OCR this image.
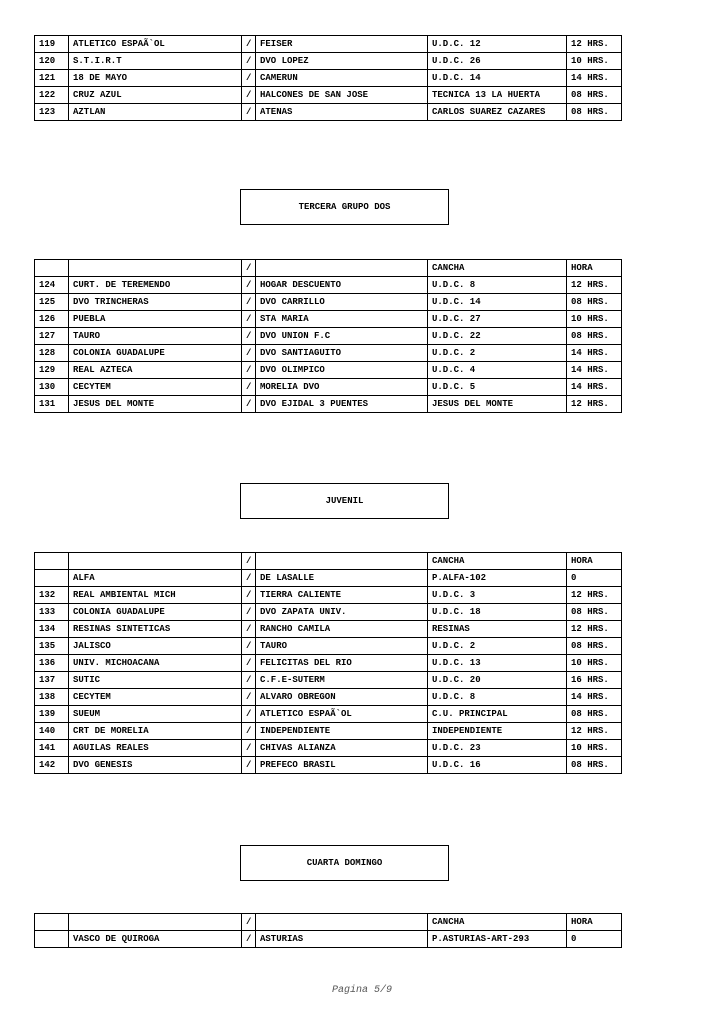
119	ATLETICO ESPAÃ`OL	/	FEISER	U.D.C. 12	12 HRS.
120	S.T.I.R.T	/	DVO LOPEZ	U.D.C. 26	10 HRS.
121	18 DE MAYO	/	CAMERUN	U.D.C. 14	14 HRS.
122	CRUZ AZUL	/	HALCONES DE SAN JOSE	TECNICA 13 LA HUERTA	08 HRS.
123	AZTLAN	/	ATENAS	CARLOS SUAREZ CAZARES	08 HRS.
TERCERA GRUPO DOS
		/		CANCHA	HORA
124	CURT. DE TEREMENDO	/	HOGAR DESCUENTO	U.D.C. 8	12 HRS.
125	DVO TRINCHERAS	/	DVO CARRILLO	U.D.C. 14	08 HRS.
126	PUEBLA	/	STA MARIA	U.D.C. 27	10 HRS.
127	TAURO	/	DVO UNION F.C	U.D.C. 22	08 HRS.
128	COLONIA GUADALUPE	/	DVO SANTIAGUITO	U.D.C. 2	14 HRS.
129	REAL AZTECA	/	DVO OLIMPICO	U.D.C. 4	14 HRS.
130	CECYTEM	/	MORELIA DVO	U.D.C. 5	14 HRS.
131	JESUS DEL MONTE	/	DVO EJIDAL 3 PUENTES	JESUS DEL MONTE	12 HRS.
JUVENIL
		/		CANCHA	HORA
	ALFA	/	DE LASALLE	P.ALFA-102	0
132	REAL AMBIENTAL MICH	/	TIERRA CALIENTE	U.D.C. 3	12 HRS.
133	COLONIA GUADALUPE	/	DVO ZAPATA UNIV.	U.D.C. 18	08 HRS.
134	RESINAS SINTETICAS	/	RANCHO CAMILA	RESINAS	12 HRS.
135	JALISCO	/	TAURO	U.D.C. 2	08 HRS.
136	UNIV. MICHOACANA	/	FELICITAS DEL RIO	U.D.C. 13	10 HRS.
137	SUTIC	/	C.F.E-SUTERM	U.D.C. 20	16 HRS.
138	CECYTEM	/	ALVARO OBREGON	U.D.C. 8	14 HRS.
139	SUEUM	/	ATLETICO ESPAÃ`OL	C.U. PRINCIPAL	08 HRS.
140	CRT DE MORELIA	/	INDEPENDIENTE	INDEPENDIENTE	12 HRS.
141	AGUILAS REALES	/	CHIVAS ALIANZA	U.D.C. 23	10 HRS.
142	DVO GENESIS	/	PREFECO BRASIL	U.D.C. 16	08 HRS.
CUARTA DOMINGO
		/		CANCHA	HORA
	VASCO DE QUIROGA	/	ASTURIAS	P.ASTURIAS-ART-293	0
Pagina 5/9
